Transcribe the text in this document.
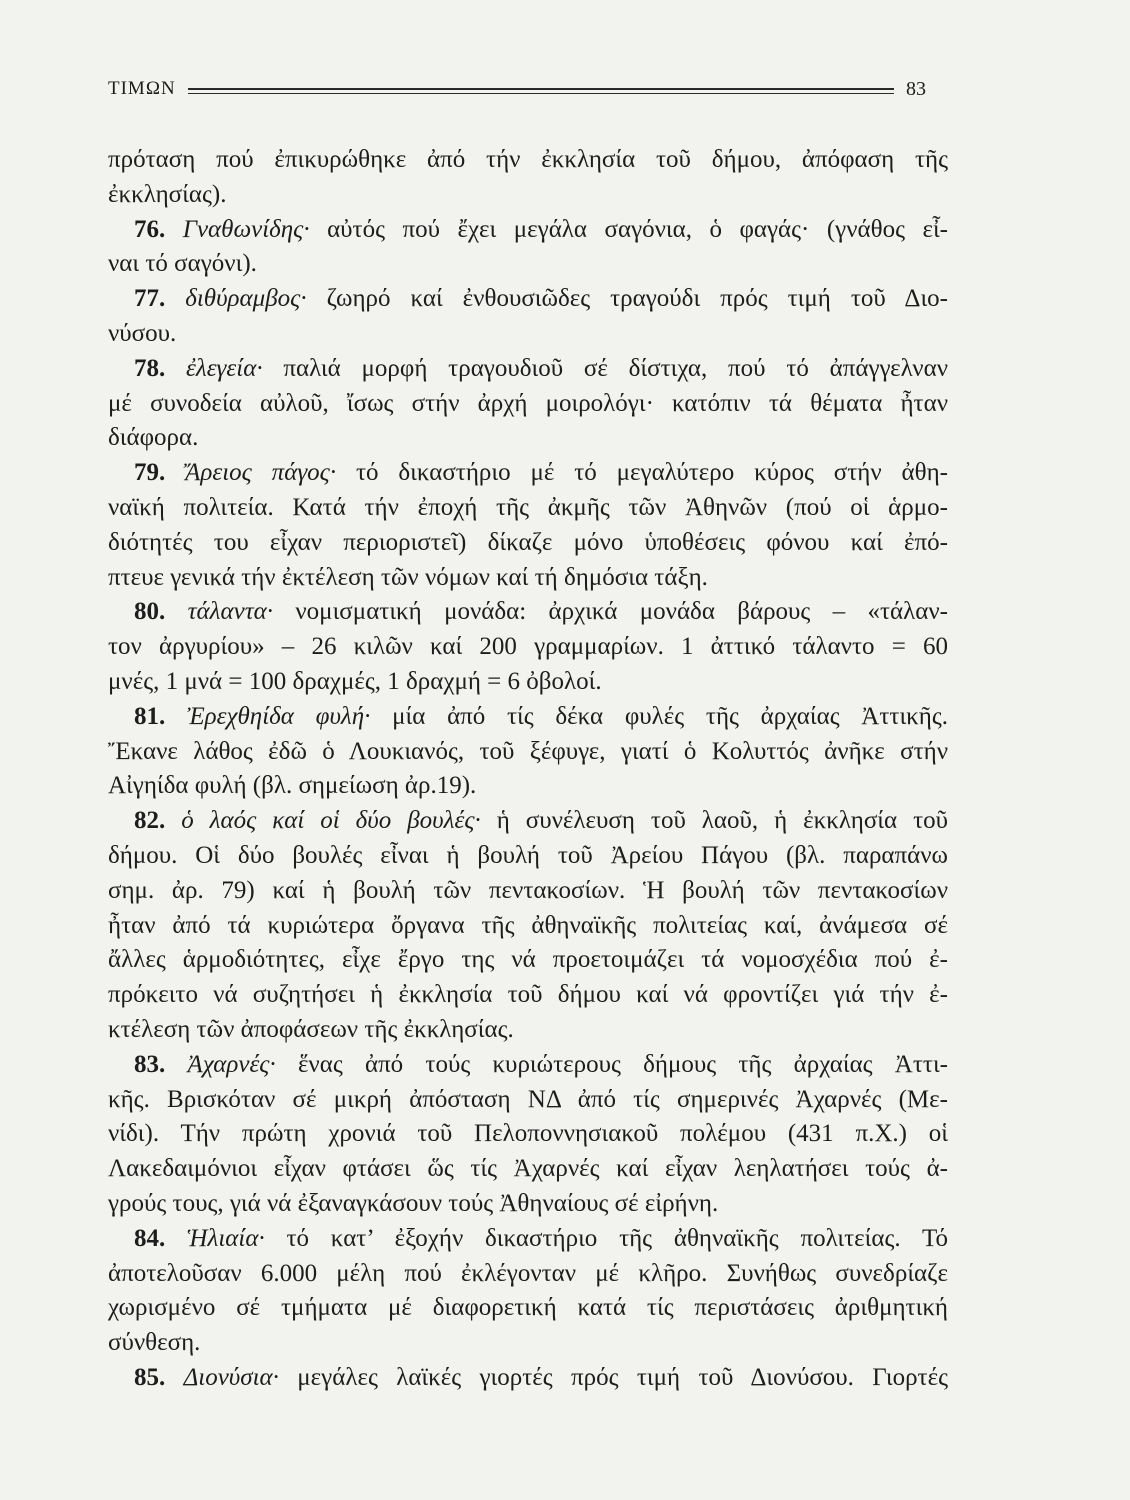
ΤΙΜΩΝ	83
πρόταση πού ἐπικυρώθηκε ἀπό τήν ἐκκλησία τοῦ δήμου, ἀπόφαση τῆς
ἐκκλησίας).
76. Γναθωνίδης· αὐτός πού ἔχει μεγάλα σαγόνια, ὁ φαγάς· (γνάθος εἶ-
ναι τό σαγόνι).
77. διθύραμβος· ζωηρό καί ἐνθουσιῶδες τραγούδι πρός τιμή τοῦ Διο-
νύσου.
78. ἐλεγεία· παλιά μορφή τραγουδιοῦ σέ δίστιχα, πού τό ἀπάγγελναν
μέ συνοδεία αὐλοῦ, ἴσως στήν ἀρχή μοιρολόγι· κατόπιν τά θέματα ἦταν
διάφορα.
79. Ἄρειος πάγος· τό δικαστήριο μέ τό μεγαλύτερο κύρος στήν ἀθη-
ναϊκή πολιτεία. Κατά τήν ἐποχή τῆς ἀκμῆς τῶν Ἀθηνῶν (πού οἱ ἁρμο-
διότητές του εἶχαν περιοριστεῖ) δίκαζε μόνο ὑποθέσεις φόνου καί ἐπό-
πτευε γενικά τήν ἐκτέλεση τῶν νόμων καί τή δημόσια τάξη.
80. τάλαντα· νομισματική μονάδα: ἀρχικά μονάδα βάρους – «τάλαν-
τον ἀργυρίου» – 26 κιλῶν καί 200 γραμμαρίων. 1 ἀττικό τάλαντο = 60
μνές, 1 μνά = 100 δραχμές, 1 δραχμή = 6 ὀβολοί.
81. Ἐρεχθηίδα φυλή· μία ἀπό τίς δέκα φυλές τῆς ἀρχαίας Ἀττικῆς.
Ἔκανε λάθος ἐδῶ ὁ Λουκιανός, τοῦ ξέφυγε, γιατί ὁ Κολυττός ἀνῆκε στήν
Αἰγηίδα φυλή (βλ. σημείωση ἀρ.19).
82. ὁ λαός καί οἱ δύο βουλές· ἡ συνέλευση τοῦ λαοῦ, ἡ ἐκκλησία τοῦ
δήμου. Οἱ δύο βουλές εἶναι ἡ βουλή τοῦ Ἀρείου Πάγου (βλ. παραπάνω
σημ. ἀρ. 79) καί ἡ βουλή τῶν πεντακοσίων. Ἡ βουλή τῶν πεντακοσίων
ἦταν ἀπό τά κυριώτερα ὄργανα τῆς ἀθηναϊκῆς πολιτείας καί, ἀνάμεσα σέ
ἄλλες ἁρμοδιότητες, εἶχε ἔργο της νά προετοιμάζει τά νομοσχέδια πού ἐ-
πρόκειτο νά συζητήσει ἡ ἐκκλησία τοῦ δήμου καί νά φροντίζει γιά τήν ἐ-
κτέλεση τῶν ἀποφάσεων τῆς ἐκκλησίας.
83. Ἀχαρνές· ἕνας ἀπό τούς κυριώτερους δήμους τῆς ἀρχαίας Ἀττι-
κῆς. Βρισκόταν σέ μικρή ἀπόσταση ΝΔ ἀπό τίς σημερινές Ἀχαρνές (Με-
νίδι). Τήν πρώτη χρονιά τοῦ Πελοποννησιακοῦ πολέμου (431 π.Χ.) οἱ
Λακεδαιμόνιοι εἶχαν φτάσει ὥς τίς Ἀχαρνές καί εἶχαν λεηλατήσει τούς ἀ-
γρούς τους, γιά νά ἐξαναγκάσουν τούς Ἀθηναίους σέ εἰρήνη.
84. Ἡλιαία· τό κατ’ ἐξοχήν δικαστήριο τῆς ἀθηναϊκῆς πολιτείας. Τό
ἀποτελοῦσαν 6.000 μέλη πού ἐκλέγονταν μέ κλῆρο. Συνήθως συνεδρίαζε
χωρισμένο σέ τμήματα μέ διαφορετική κατά τίς περιστάσεις ἀριθμητική
σύνθεση.
85. Διονύσια· μεγάλες λαϊκές γιορτές πρός τιμή τοῦ Διονύσου. Γιορτές
